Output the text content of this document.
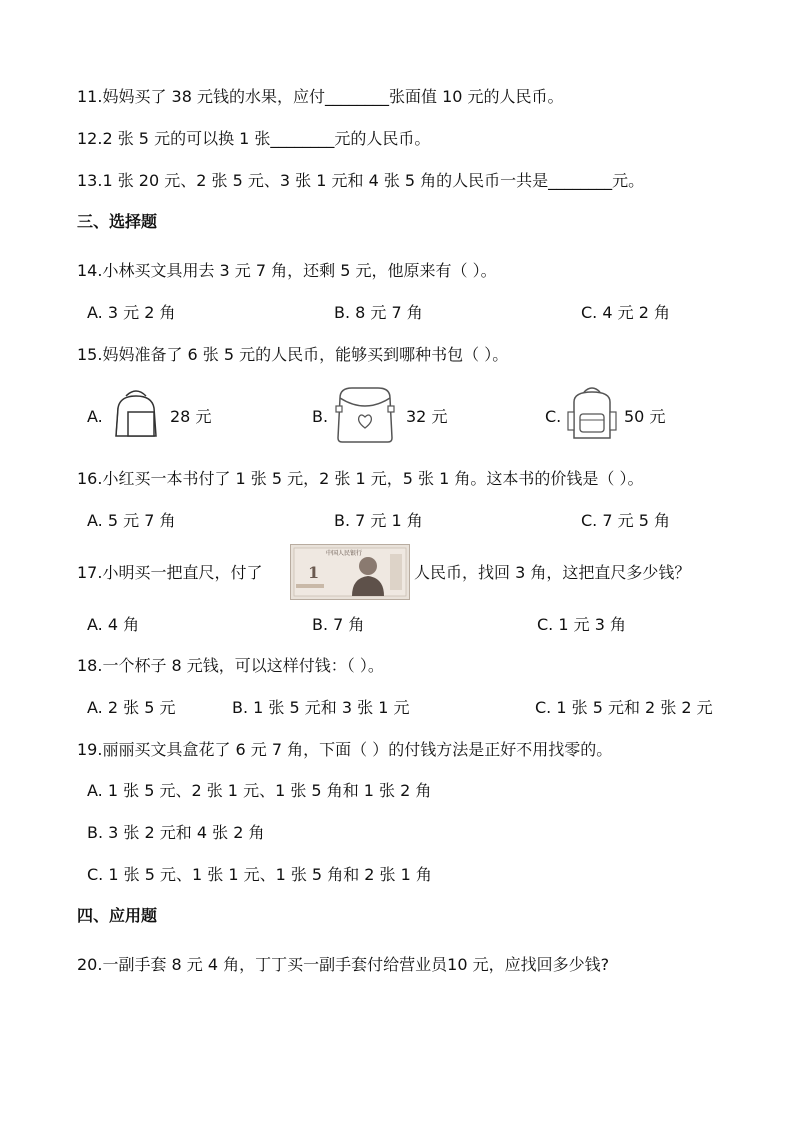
11.妈妈买了 38 元钱的水果，应付________张面值 10 元的人民币。
12.2 张 5 元的可以换 1 张________元的人民币。
13.1 张 20 元、2 张 5 元、3 张 1 元和 4 张 5 角的人民币一共是________元。
三、选择题
14.小林买文具用去 3 元 7 角，还剩 5 元，他原来有（ ）。
A. 3 元 2 角	B. 8 元 7 角	C. 4 元 2 角
15.妈妈准备了 6 张 5 元的人民币，能够买到哪种书包（ ）。
A.	28 元	B.	32 元	C.	50 元
16.小红买一本书付了 1 张 5 元，2 张 1 元，5 张 1 角。这本书的价钱是（ ）。
A. 5 元 7 角	B. 7 元 1 角	C. 7 元 5 角
17.小明买一把直尺，付了
中国人民银行
1	人民币，找回 3 角，这把直尺多少钱？
A. 4 角	B. 7 角	C. 1 元 3 角
18.一个杯子 8 元钱，可以这样付钱：（ ）。
A. 2 张 5 元	B. 1 张 5 元和 3 张 1 元	C. 1 张 5 元和 2 张 2 元
19.丽丽买文具盒花了 6 元 7 角，下面（ ）的付钱方法是正好不用找零的。
A. 1 张 5 元、2 张 1 元、1 张 5 角和 1 张 2 角
B. 3 张 2 元和 4 张 2 角
C. 1 张 5 元、1 张 1 元、1 张 5 角和 2 张 1 角
四、应用题
20.一副手套 8 元 4 角，丁丁买一副手套付给营业员10 元，应找回多少钱?
